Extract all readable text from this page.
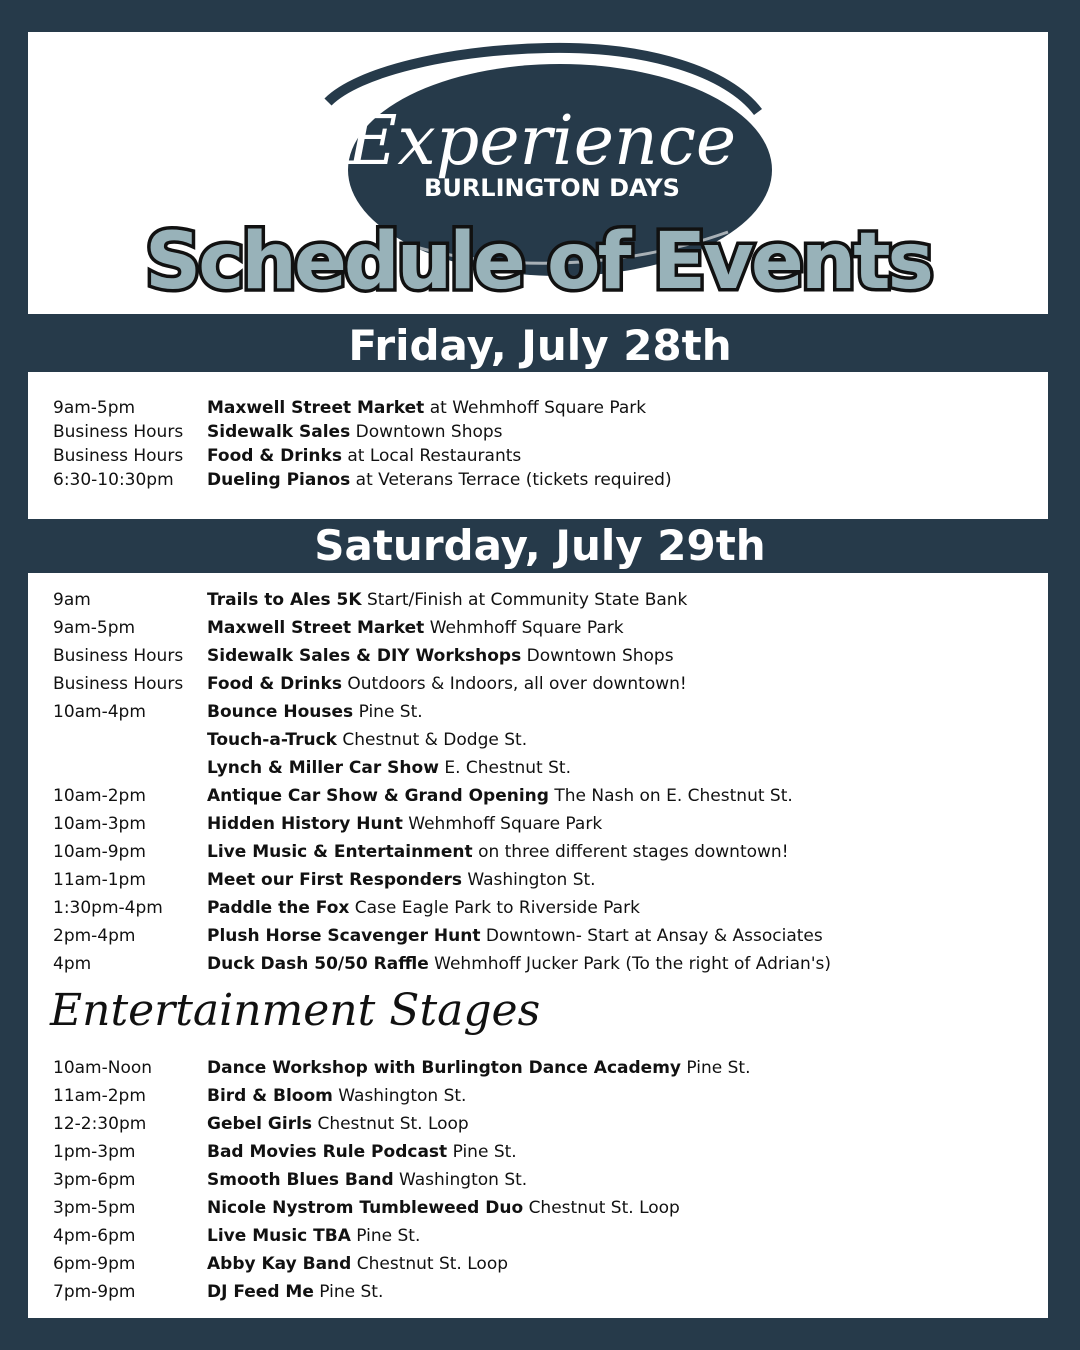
Experience
BURLINGTON DAYS
Schedule of Events
Friday, July 28th
9am-5pm	Maxwell Street Market at Wehmhoff Square Park
Business Hours Sidewalk Sales Downtown Shops
Business Hours Food & Drinks at Local Restaurants
6:30-10:30pm Dueling Pianos at Veterans Terrace (tickets required)
Saturday, July 29th
Entertainment Stages
9am	Trails to Ales 5K Start/Finish at Community State Bank
9am-5pm	Maxwell Street Market Wehmhoff Square Park
Business Hours Sidewalk Sales & DIY Workshops Downtown Shops
Business Hours Food & Drinks Outdoors & Indoors, all over downtown!
10am-4pm	Bounce Houses Pine St.
Touch-a-Truck Chestnut & Dodge St.
Lynch & Miller Car Show E. Chestnut St.
10am-2pm	Antique Car Show & Grand Opening The Nash on E. Chestnut St.
10am-3pm	Hidden History Hunt Wehmhoff Square Park
10am-9pm	Live Music & Entertainment on three different stages downtown!
11am-1pm	Meet our First Responders Washington St.
1:30pm-4pm	Paddle the Fox Case Eagle Park to Riverside Park
2pm-4pm	Plush Horse Scavenger Hunt Downtown- Start at Ansay & Associates
4pm	Duck Dash 50/50 Raffle Wehmhoff Jucker Park (To the right of Adrian's)
10am-Noon	Dance Workshop with Burlington Dance Academy Pine St.
11am-2pm	Bird & Bloom Washington St.
12-2:30pm	Gebel Girls Chestnut St. Loop
1pm-3pm	Bad Movies Rule Podcast Pine St.
3pm-6pm	Smooth Blues Band Washington St.
3pm-5pm	Nicole Nystrom Tumbleweed Duo Chestnut St. Loop
4pm-6pm	Live Music TBA Pine St.
6pm-9pm	Abby Kay Band Chestnut St. Loop
7pm-9pm	DJ Feed Me Pine St.
